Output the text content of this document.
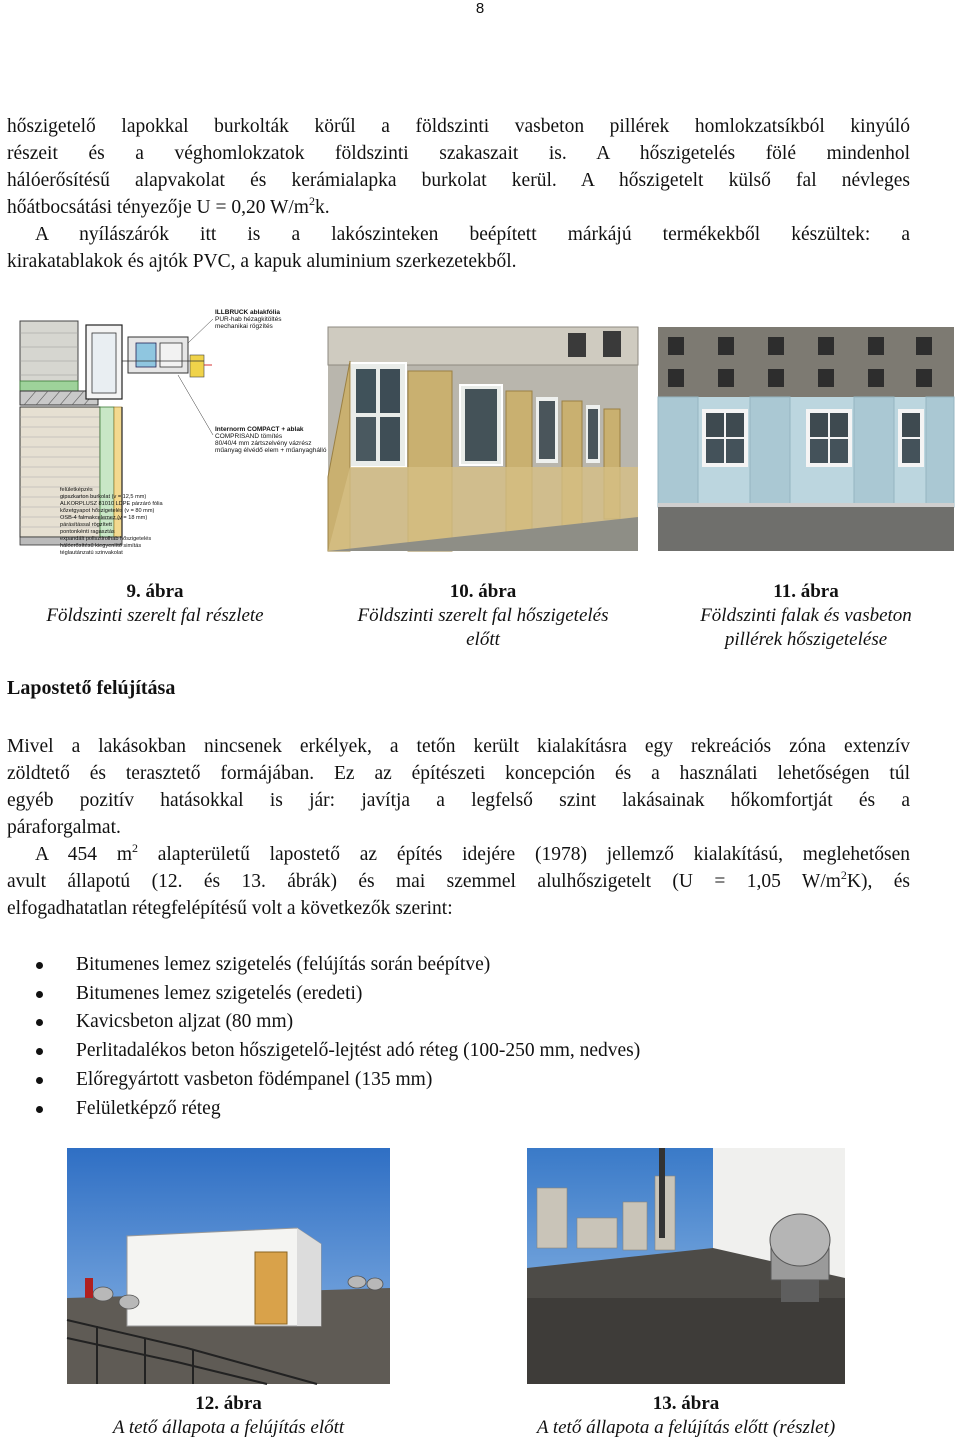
8
hőszigetelő lapokkal burkolták körűl a földszinti vasbeton pillérek homlokzatsíkból kinyúló
részeit és a véghomlokzatok földszinti szakaszait is. A hőszigetelés fölé mindenhol
hálóerősítésű alapvakolat és kerámialapka burkolat kerül. A hőszigetelt külső fal névleges
hőátbocsátási tényezője U = 0,20 $W/m^2k$.
A nyílászárók itt is a lakószinteken beépített márkájú termékekből készültek: a
kirakatablakok és ajtók PVC, a kapuk aluminium szerkezetekből.
ILLBRUCK ablakfólia
PUR-hab hézagkitöltés
mechanikai rögzítés
Internorm COMPACT + ablak
COMPRISAND tömítés
80/40/4 mm zártszelvény vázrész
műanyag élvédő elem + műanyaghálló
felületképzés
gipszkarton burkolat (v = 12,5 mm)
ALKORPLUSZ 81010 LDPE párzáró fólia
kőzetgyapot hőszigetelés (v = 80 mm)
OSB-4 falmakcelemez (v = 18 mm)
párásítással rögzített
pontonkénti ragasztás
expandált polisztirolhab hőszigetelés
hálóerősítésű kiegyenlítő simítás
téglautánzatú szinvakolat
9. ábra
Földszinti szerelt fal részlete
10. ábra
Földszinti szerelt fal hőszigetelés
előtt
11. ábra
Földszinti falak és vasbeton
pillérek hőszigetelése
Lapostető felújítása
Mivel a lakásokban nincsenek erkélyek, a tetőn került kialakításra egy rekreációs zóna extenzív
zöldtető és terasztető formájában. Ez az építészeti koncepción és a használati lehetőségen túl
egyéb pozitív hatásokkal is jár: javítja a legfelső szint lakásainak hőkomfortját és a
páraforgalmat.
A 454 $m^2$ alapterületű lapostető az építés idejére (1978) jellemző kialakítású, meglehetősen
avult állapotú (12. és 13. ábrák) és mai szemmel alulhőszigetelt (U = 1,05 $W/m^2K$), és
elfogadhatatlan rétegfelépítésű volt a következők szerint:
Bitumenes lemez szigetelés (felújítás során beépítve)
Bitumenes lemez szigetelés (eredeti)
Kavicsbeton aljzat (80 mm)
Perlitadalékos beton hőszigetelő-lejtést adó réteg (100-250 mm, nedves)
Előregyártott vasbeton födémpanel (135 mm)
Felületképző réteg
12. ábra
A tető állapota a felújítás előtt
13. ábra
A tető állapota a felújítás előtt (részlet)
